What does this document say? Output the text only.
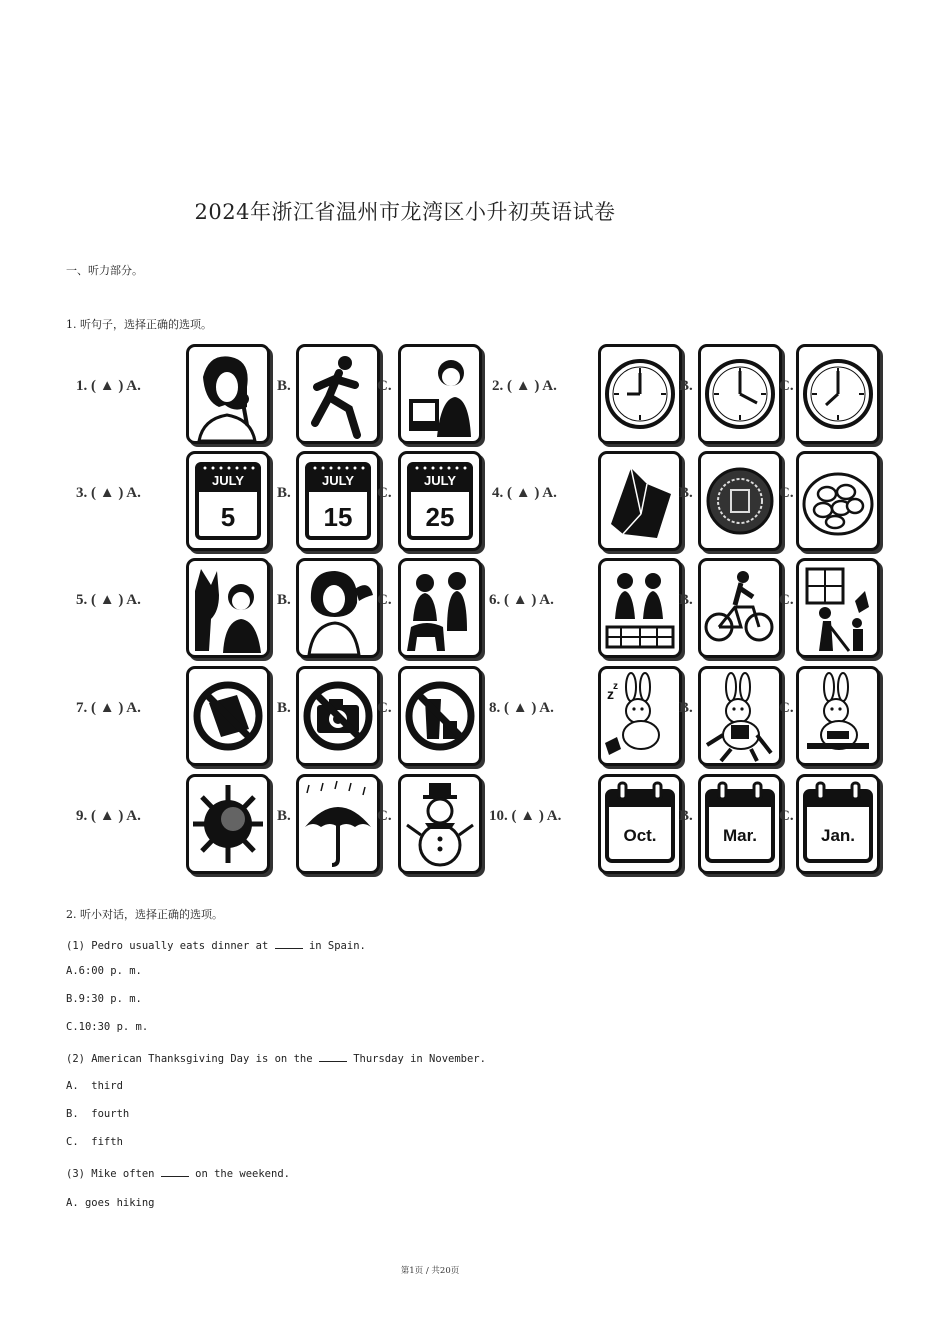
2024年浙江省温州市龙湾区小升初英语试卷
一、听力部分。
1. 听句子，选择正确的选项。
1. ( ▲ ) A.	B.	C.	2. ( ▲ ) A.	B.	C.
3. ( ▲ ) A.
JULY
5
B.
JULY
15
C.
JULY
25
4. ( ▲ ) A.	B.	C.
5. ( ▲ ) A.	B.	C.	6. ( ▲ ) A.	B.	C.
7. ( ▲ ) A.	B.	C.	8. ( ▲ ) A.
z z
B.	C.
9. ( ▲ ) A.	B.	C.	10. ( ▲ ) A.
Oct.
B.
Mar.
C.
Jan.
2. 听小对话，选择正确的选项。
(1) Pedro usually eats dinner at	in Spain.
A.6:00 p. m.
B.9:30 p. m.
C.10:30 p. m.
(2) American Thanksgiving Day is on the	Thursday in November.
A.  third
B.  fourth
C.  fifth
(3) Mike often	on the weekend.
A. goes hiking
第1页 / 共20页
